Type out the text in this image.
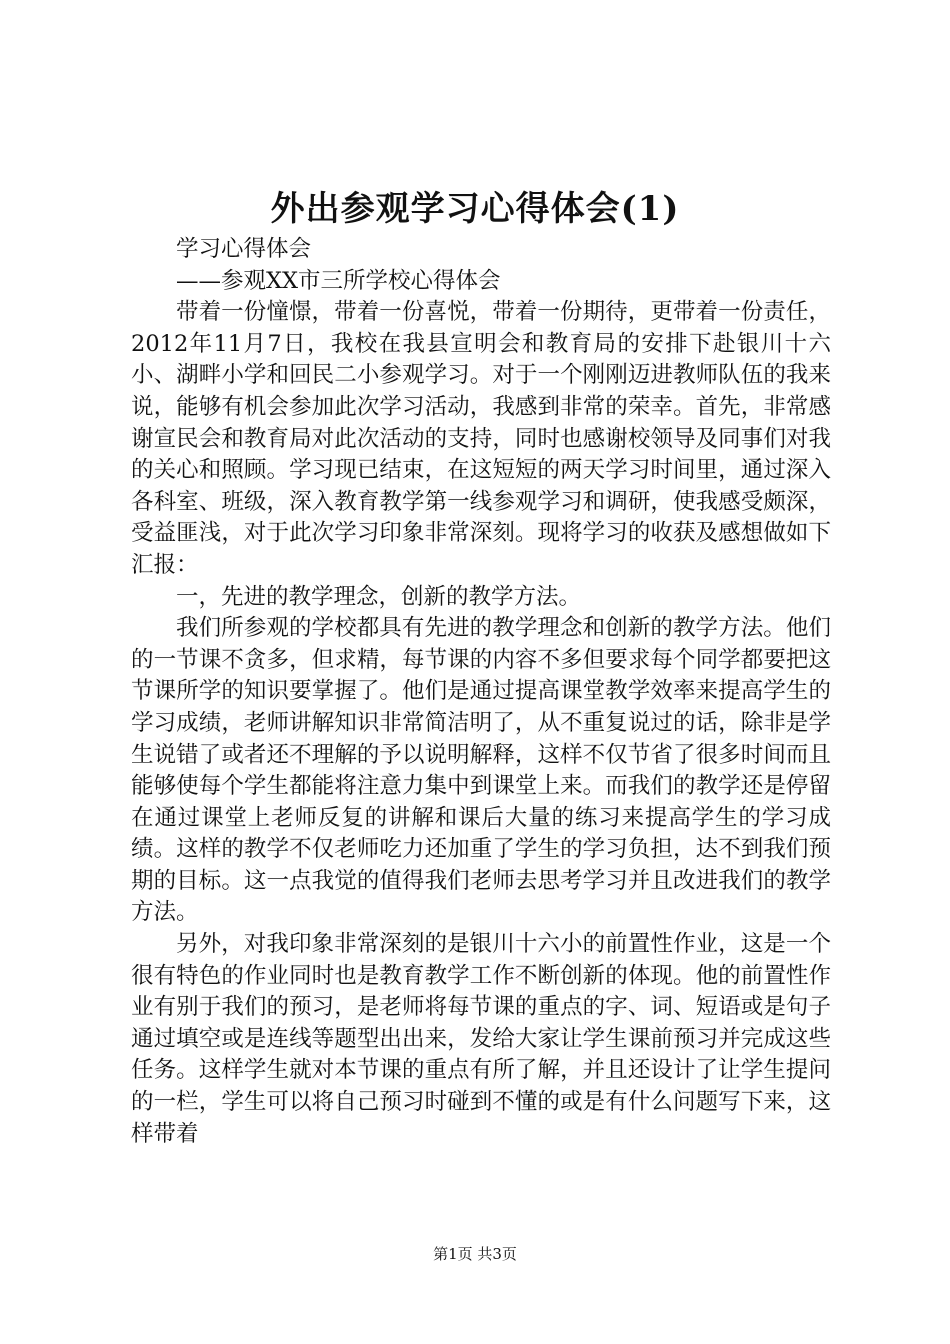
外出参观学习心得体会(1)

学习心得体会

——参观XX市三所学校心得体会

带着一份憧憬，带着一份喜悦，带着一份期待，更带着一份责任，2012年11月7日，我校在我县宣明会和教育局的安排下赴银川十六小、湖畔小学和回民二小参观学习。对于一个刚刚迈进教师队伍的我来说，能够有机会参加此次学习活动，我感到非常的荣幸。首先，非常感谢宣民会和教育局对此次活动的支持，同时也感谢校领导及同事们对我的关心和照顾。学习现已结束，在这短短的两天学习时间里，通过深入各科室、班级，深入教育教学第一线参观学习和调研，使我感受颇深，受益匪浅，对于此次学习印象非常深刻。现将学习的收获及感想做如下汇报：

一，先进的教学理念，创新的教学方法。

我们所参观的学校都具有先进的教学理念和创新的教学方法。他们的一节课不贪多，但求精，每节课的内容不多但要求每个同学都要把这节课所学的知识要掌握了。他们是通过提高课堂教学效率来提高学生的学习成绩，老师讲解知识非常简洁明了，从不重复说过的话，除非是学生说错了或者还不理解的予以说明解释，这样不仅节省了很多时间而且能够使每个学生都能将注意力集中到课堂上来。而我们的教学还是停留在通过课堂上老师反复的讲解和课后大量的练习来提高学生的学习成绩。这样的教学不仅老师吃力还加重了学生的学习负担，达不到我们预期的目标。这一点我觉的值得我们老师去思考学习并且改进我们的教学方法。

另外，对我印象非常深刻的是银川十六小的前置性作业，这是一个很有特色的作业同时也是教育教学工作不断创新的体现。他的前置性作业有别于我们的预习，是老师将每节课的重点的字、词、短语或是句子通过填空或是连线等题型出出来，发给大家让学生课前预习并完成这些任务。这样学生就对本节课的重点有所了解，并且还设计了让学生提问的一栏，学生可以将自己预习时碰到不懂的或是有什么问题写下来，这样带着

第1页 共3页
